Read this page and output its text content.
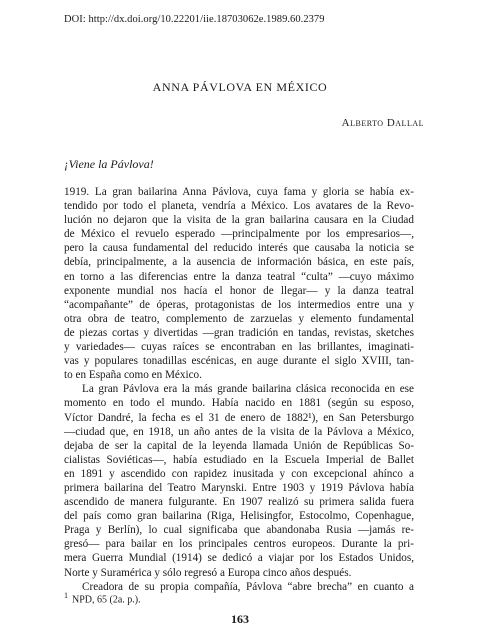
DOI: http://dx.doi.org/10.22201/iie.18703062e.1989.60.2379
ANNA PÁVLOVA EN MÉXICO
Alberto Dallal
¡Viene la Pávlova!
1919. La gran bailarina Anna Pávlova, cuya fama y gloria se había ex-
tendido por todo el planeta, vendría a México. Los avatares de la Revo-
lución no dejaron que la visita de la gran bailarina causara en la Ciudad
de México el revuelo esperado —principalmente por los empresarios—,
pero la causa fundamental del reducido interés que causaba la noticia se
debía, principalmente, a la ausencia de información básica, en este país,
en torno a las diferencias entre la danza teatral “culta” —cuyo máximo
exponente mundial nos hacía el honor de llegar— y la danza teatral
“acompañante” de óperas, protagonistas de los intermedios entre una y
otra obra de teatro, complemento de zarzuelas y elemento fundamental
de piezas cortas y divertidas —gran tradición en tandas, revistas, sketches
y variedades— cuyas raíces se encontraban en las brillantes, imaginati-
vas y populares tonadillas escénicas, en auge durante el siglo XVIII, tan-
to en España como en México.
La gran Pávlova era la más grande bailarina clásica reconocida en ese
momento en todo el mundo. Había nacido en 1881 (según su esposo,
Víctor Dandré, la fecha es el 31 de enero de 1882¹), en San Petersburgo
—ciudad que, en 1918, un año antes de la visita de la Pávlova a México,
dejaba de ser la capital de la leyenda llamada Unión de Repúblicas So-
cialistas Soviéticas—, había estudiado en la Escuela Imperial de Ballet
en 1891 y ascendido con rapidez inusitada y con excepcional ahínco a
primera bailarina del Teatro Marynski. Entre 1903 y 1919 Pávlova había
ascendido de manera fulgurante. En 1907 realizó su primera salida fuera
del país como gran bailarina (Riga, Helisingfor, Estocolmo, Copenhague,
Praga y Berlín), lo cual significaba que abandonaba Rusia —jamás re-
gresó— para bailar en los principales centros europeos. Durante la pri-
mera Guerra Mundial (1914) se dedicó a viajar por los Estados Unidos,
Norte y Suramérica y sólo regresó a Europa cinco años después.
Creadora de su propia compañía, Pávlova “abre brecha” en cuanto a
$^1$ NPD, 65 (2a. p.).
163
